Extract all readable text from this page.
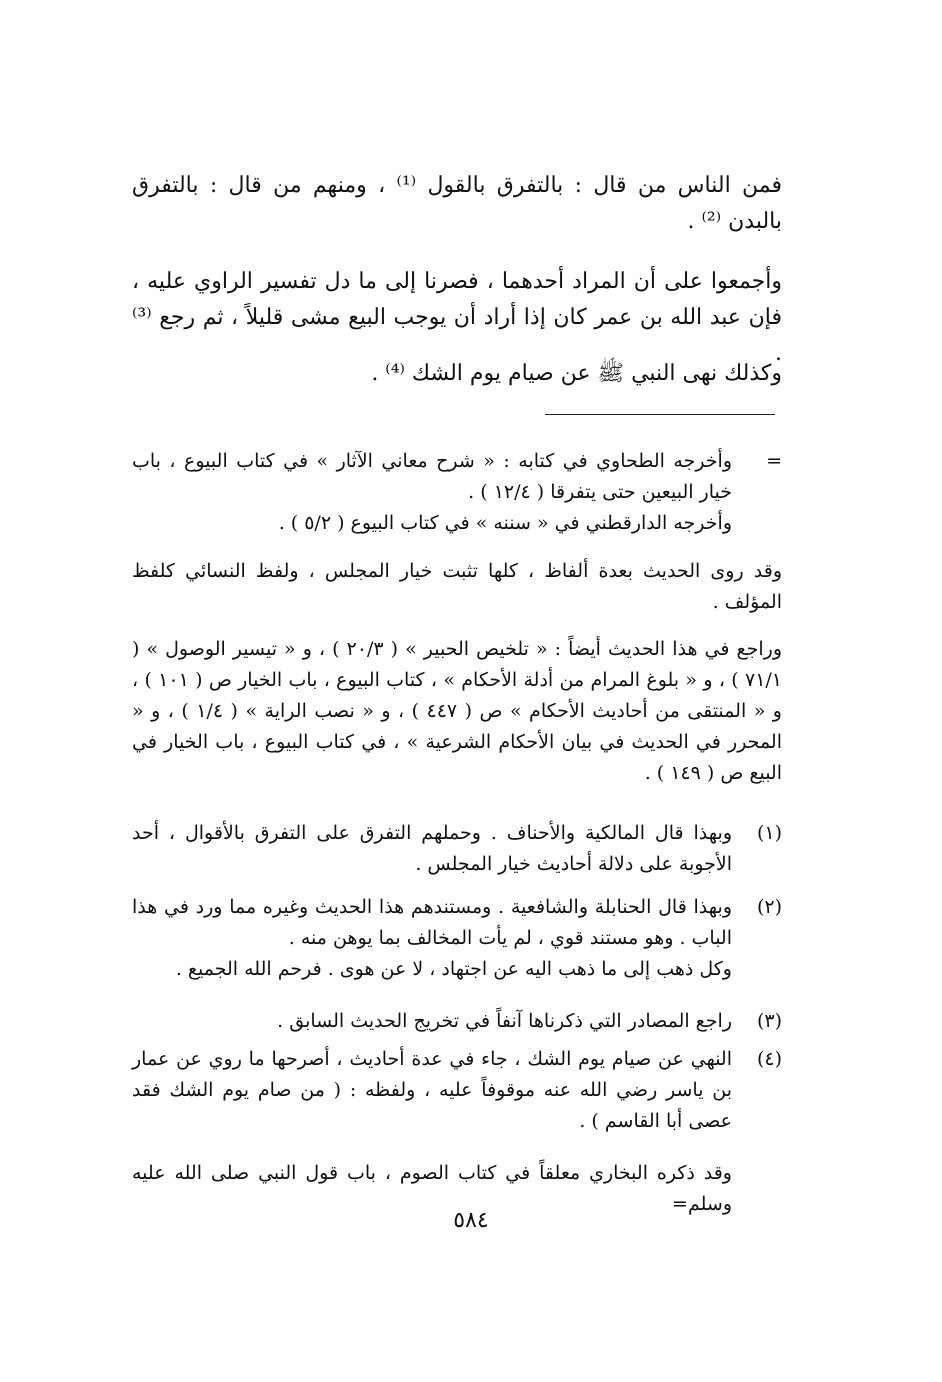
فمن الناس من قال : بالتفرق بالقول ⁽¹⁾ ، ومنهم من قال : بالتفرق بالبدن ⁽²⁾ .
وأجمعوا على أن المراد أحدهما ، فصرنا إلى ما دل تفسير الراوي عليه ، فإن عبد الله بن عمر كان إذا أراد أن يوجب البيع مشى قليلاً ، ثم رجع ⁽³⁾ .
وكذلك نهى النبي ﷺ عن صيام يوم الشك ⁽⁴⁾ .
=
وأخرجه الطحاوي في كتابه : « شرح معاني الآثار » في كتاب البيوع ، باب خيار البيعين حتى يتفرقا ( ١٢/٤ ) .
وأخرجه الدارقطني في « سننه » في كتاب البيوع ( ٥/٢ ) .
وقد روى الحديث بعدة ألفاظ ، كلها تثبت خيار المجلس ، ولفظ النسائي كلفظ المؤلف .
وراجع في هذا الحديث أيضاً : « تلخيص الحبير » ( ٢٠/٣ ) ، و « تيسير الوصول » ( ٧١/١ ) ، و « بلوغ المرام من أدلة الأحكام » ، كتاب البيوع ، باب الخيار ص ( ١٠١ ) ، و « المنتقى من أحاديث الأحكام » ص ( ٤٤٧ ) ، و « نصب الراية » ( ١/٤ ) ، و « المحرر في الحديث في بيان الأحكام الشرعية » ، في كتاب البيوع ، باب الخيار في البيع ص ( ١٤٩ ) .
(١)
وبهذا قال المالكية والأحناف . وحملهم التفرق على التفرق بالأقوال ، أحد الأجوبة على دلالة أحاديث خيار المجلس .
(٢)
وبهذا قال الحنابلة والشافعية . ومستندهم هذا الحديث وغيره مما ورد في هذا الباب . وهو مستند قوي ، لم يأت المخالف بما يوهن منه .
وكل ذهب إلى ما ذهب اليه عن اجتهاد ، لا عن هوى . فرحم الله الجميع .
(٣)
راجع المصادر التي ذكرناها آنفاً في تخريج الحديث السابق .
(٤)
النهي عن صيام يوم الشك ، جاء في عدة أحاديث ، أصرحها ما روي عن عمار بن ياسر رضي الله عنه موقوفاً عليه ، ولفظه : ( من صام يوم الشك فقد عصى أبا القاسم ) .
وقد ذكره البخاري معلقاً في كتاب الصوم ، باب قول النبي صلى الله عليه وسلم=
٥٨٤
